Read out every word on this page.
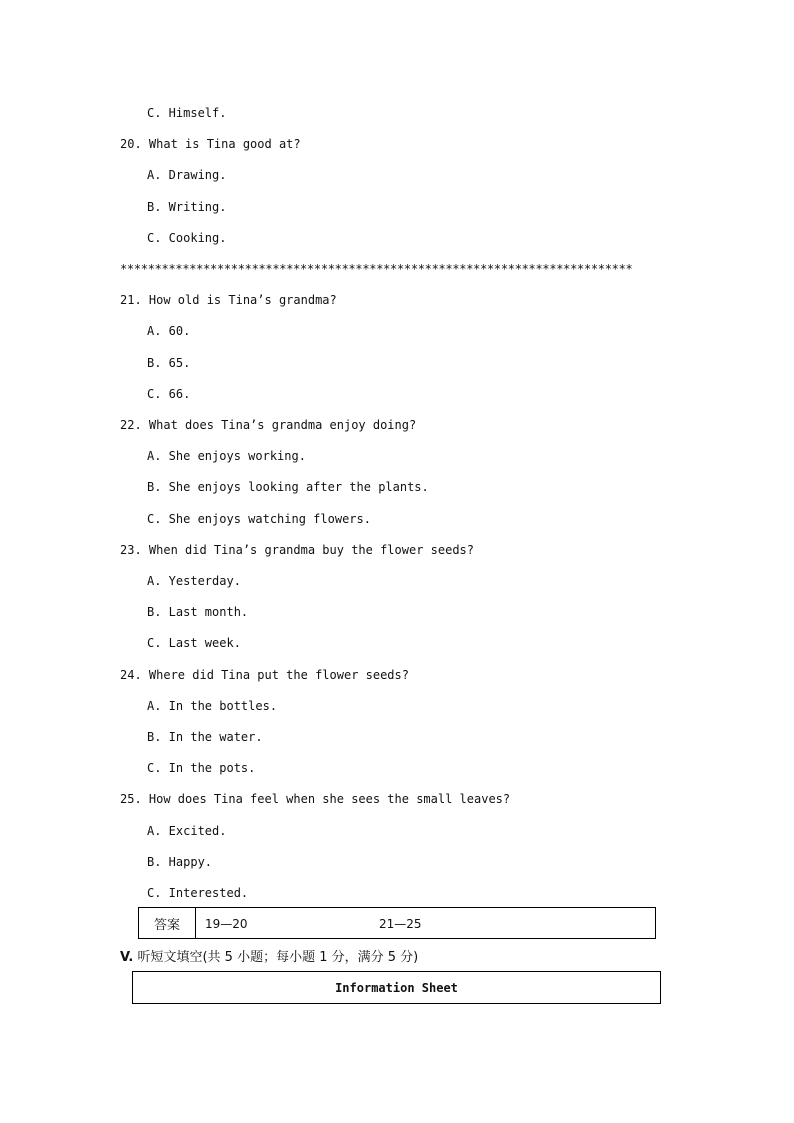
C. Himself.
20. What is Tina good at?
A. Drawing.
B. Writing.
C. Cooking.
**************************************************************************
21. How old is Tina’s grandma?
A. 60.
B. 65.
C. 66.
22. What does Tina’s grandma enjoy doing?
A. She enjoys working.
B. She enjoys looking after the plants.
C. She enjoys watching flowers.
23. When did Tina’s grandma buy the flower seeds?
A. Yesterday.
B. Last month.
C. Last week.
24. Where did Tina put the flower seeds?
A. In the bottles.
B. In the water.
C. In the pots.
25. How does Tina feel when she sees the small leaves?
A. Excited.
B. Happy.
C. Interested.
答案	19—20	21—25
V. 听短文填空(共 5 小题；每小题 1 分，满分 5 分)
Information Sheet
